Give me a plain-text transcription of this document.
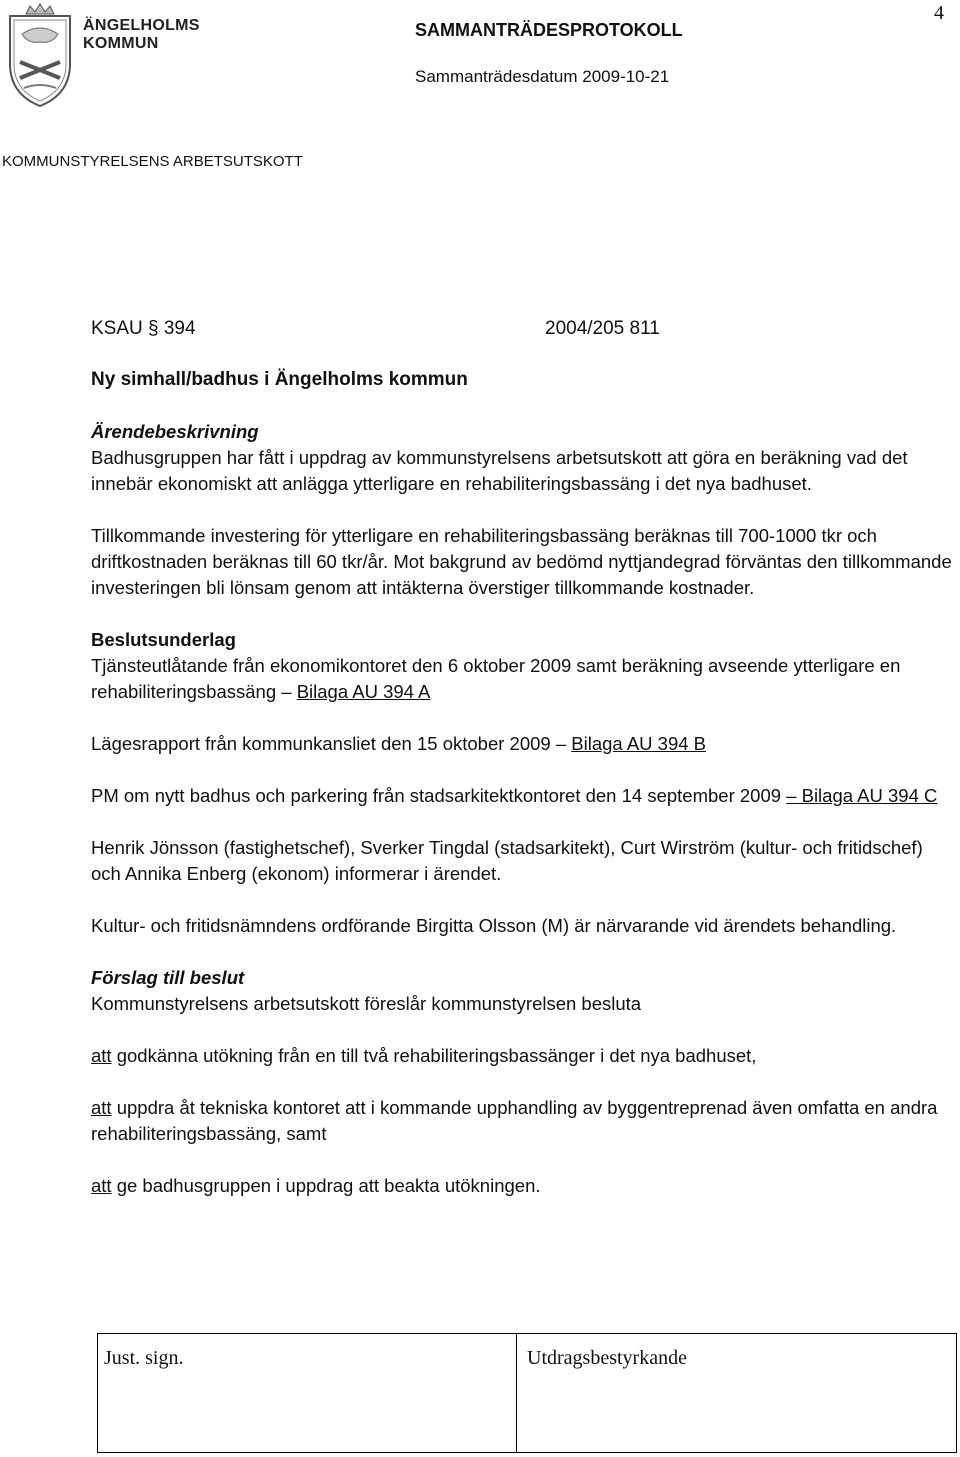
4
ÄNGELHOLMS
KOMMUN
SAMMANTRÄDESPROTOKOLL
Sammanträdesdatum 2009-10-21
KOMMUNSTYRELSENS ARBETSUTSKOTT
KSAU § 394	2004/205 811
Ny simhall/badhus i Ängelholms kommun
Ärendebeskrivning

Badhusgruppen har fått i uppdrag av kommunstyrelsens arbetsutskott att göra en beräkning vad det innebär ekonomiskt att anlägga ytterligare en rehabiliteringsbassäng i det nya badhuset.

Tillkommande investering för ytterligare en rehabiliteringsbassäng beräknas till 700-1000 tkr och driftkostnaden beräknas till 60 tkr/år. Mot bakgrund av bedömd nyttjandegrad förväntas den tillkommande investeringen bli lönsam genom att intäkterna överstiger tillkommande kostnader.

Beslutsunderlag

Tjänsteutlåtande från ekonomikontoret den 6 oktober 2009 samt beräkning avseende ytterligare en rehabiliteringsbassäng – Bilaga AU 394 A

Lägesrapport från kommunkansliet den 15 oktober 2009 – Bilaga AU 394 B

PM om nytt badhus och parkering från stadsarkitektkontoret den 14 september 2009 – Bilaga AU 394 C

Henrik Jönsson (fastighetschef), Sverker Tingdal (stadsarkitekt), Curt Wirström (kultur- och fritidschef) och Annika Enberg (ekonom) informerar i ärendet.

Kultur- och fritidsnämndens ordförande Birgitta Olsson (M) är närvarande vid ärendets behandling.

Förslag till beslut

Kommunstyrelsens arbetsutskott föreslår kommunstyrelsen besluta

att godkänna utökning från en till två rehabiliteringsbassänger i det nya badhuset,

att uppdra åt tekniska kontoret att i kommande upphandling av byggentreprenad även omfatta en andra rehabiliteringsbassäng, samt

att ge badhusgruppen i uppdrag att beakta utökningen.

Just. sign.	Utdragsbestyrkande
